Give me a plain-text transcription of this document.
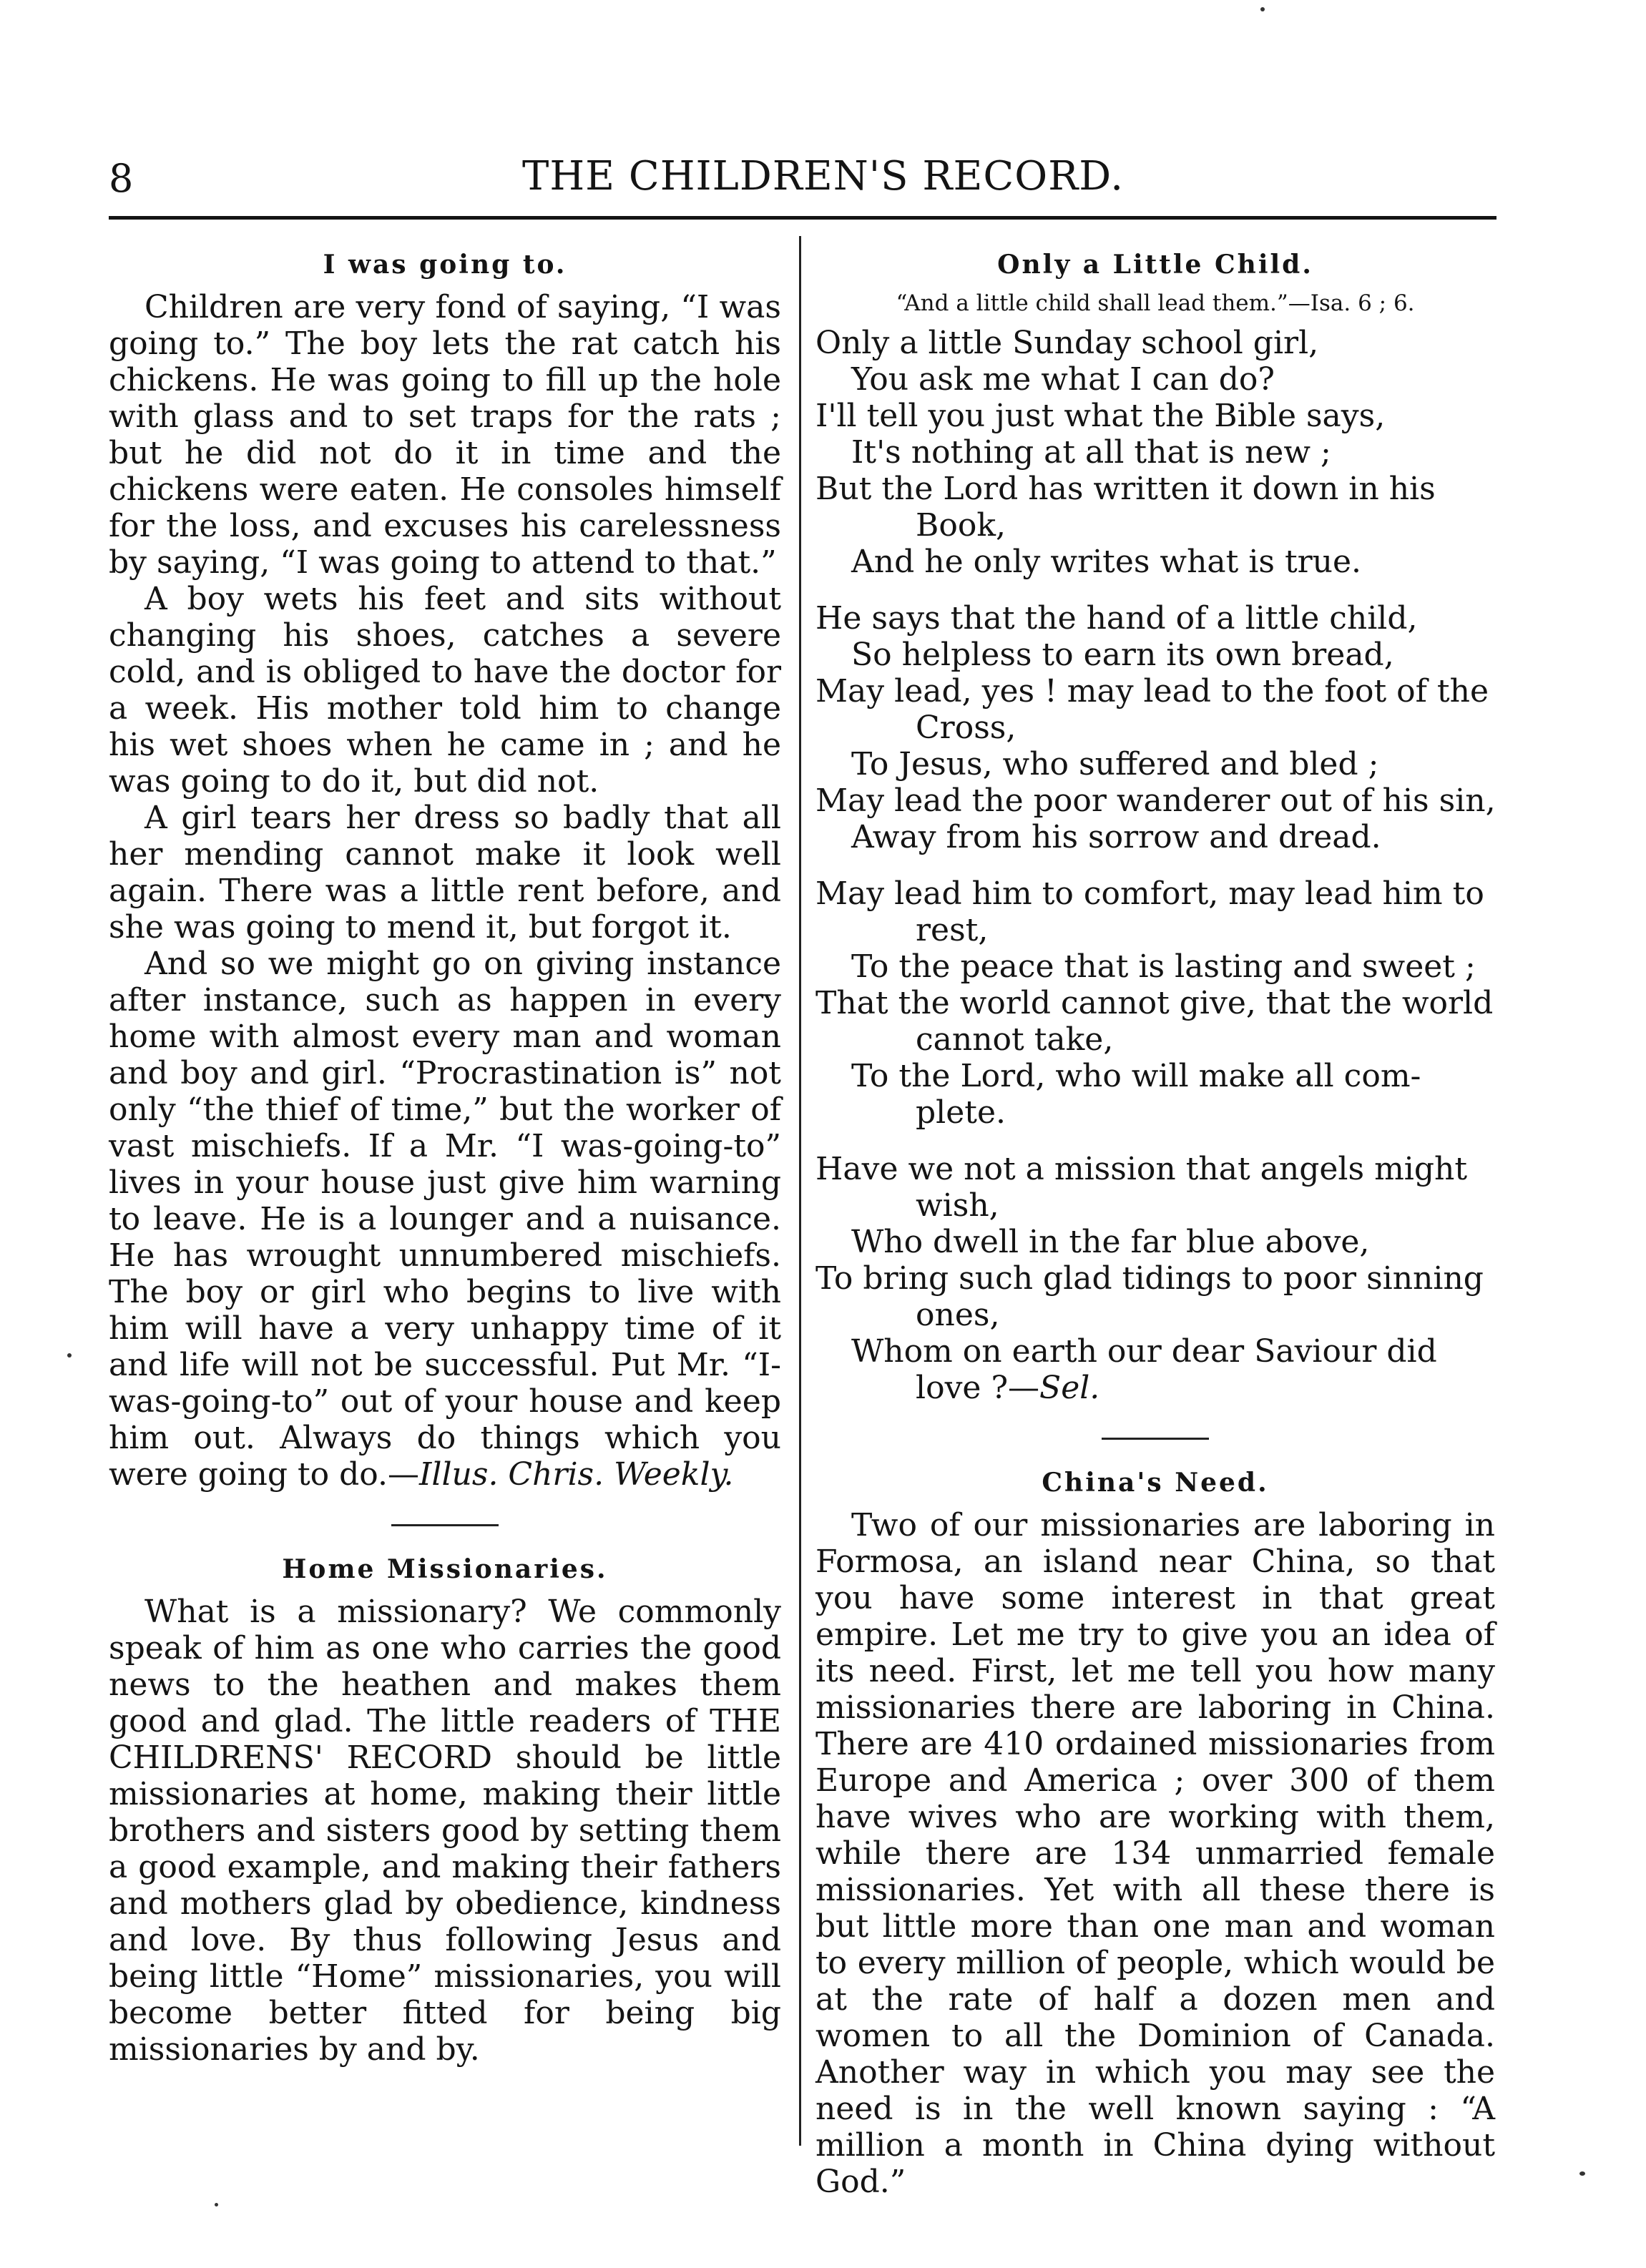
8	THE CHILDREN'S RECORD.
I was going to.

Children are very fond of saying, “I was going to.” The boy lets the rat catch his chickens. He was going to fill up the hole with glass and to set traps for the rats ; but he did not do it in time and the chickens were eaten. He consoles himself for the loss, and excuses his carelessness by saying, “I was going to attend to that.”

A boy wets his feet and sits without changing his shoes, catches a severe cold, and is obliged to have the doctor for a week. His mother told him to change his wet shoes when he came in ; and he was going to do it, but did not.

A girl tears her dress so badly that all her mending cannot make it look well again. There was a little rent before, and she was going to mend it, but forgot it.

And so we might go on giving instance after instance, such as happen in every home with almost every man and woman and boy and girl. “Procrastination is” not only “the thief of time,” but the worker of vast mischiefs. If a Mr. “I was-going-to” lives in your house just give him warning to leave. He is a lounger and a nuisance. He has wrought unnumbered mischiefs. The boy or girl who begins to live with him will have a very unhappy time of it and life will not be successful. Put Mr. “I-was-going-to” out of your house and keep him out. Always do things which you were going to do.—Illus. Chris. Weekly.

Home Missionaries.

What is a missionary? We commonly speak of him as one who carries the good news to the heathen and makes them good and glad. The little readers of THE CHILDRENS' RECORD should be little missionaries at home, making their little brothers and sisters good by setting them a good example, and making their fathers and mothers glad by obedience, kindness and love. By thus following Jesus and being little “Home” missionaries, you will become better fitted for being big missionaries by and by.

Only a Little Child.

“And a little child shall lead them.”—Isa. 6 ; 6.

Only a little Sunday school girl,
You ask me what I can do?
I'll tell you just what the Bible says,
It's nothing at all that is new ;
But the Lord has written it down in his
Book,
And he only writes what is true.
He says that the hand of a little child,
So helpless to earn its own bread,
May lead, yes ! may lead to the foot of the
Cross,
To Jesus, who suffered and bled ;
May lead the poor wanderer out of his sin,
Away from his sorrow and dread.
May lead him to comfort, may lead him to
rest,
To the peace that is lasting and sweet ;
That the world cannot give, that the world
cannot take,
To the Lord, who will make all com-
plete.
Have we not a mission that angels might
wish,
Who dwell in the far blue above,
To bring such glad tidings to poor sinning
ones,
Whom on earth our dear Saviour did
love ?—Sel.
China's Need.

Two of our missionaries are laboring in Formosa, an island near China, so that you have some interest in that great empire. Let me try to give you an idea of its need. First, let me tell you how many missionaries there are laboring in China. There are 410 ordained missionaries from Europe and America ; over 300 of them have wives who are working with them, while there are 134 unmarried female missionaries. Yet with all these there is but little more than one man and woman to every million of people, which would be at the rate of half a dozen men and women to all the Dominion of Canada. Another way in which you may see the need is in the well known saying : “A million a month in China dying without God.”
